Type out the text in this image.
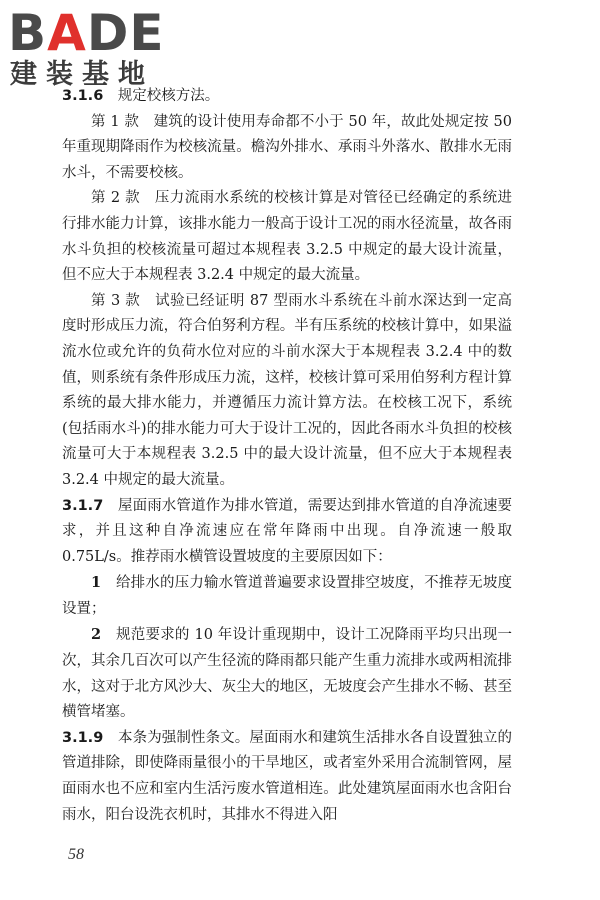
BADE
建装基地

3.1.6　 规定校核方法。

第 1 款　建筑的设计使用寿命都不小于 50 年，故此处规定按 50 年重现期降雨作为校核流量。檐沟外排水、承雨斗外落水、散排水无雨水斗，不需要校核。

第 2 款　压力流雨水系统的校核计算是对管径已经确定的系统进行排水能力计算，该排水能力一般高于设计工况的雨水径流量，故各雨水斗负担的校核流量可超过本规程表 3.2.5 中规定的最大设计流量，但不应大于本规程表 3.2.4 中规定的最大流量。

第 3 款　试验已经证明 87 型雨水斗系统在斗前水深达到一定高度时形成压力流，符合伯努利方程。半有压系统的校核计算中，如果溢流水位或允许的负荷水位对应的斗前水深大于本规程表 3.2.4 中的数值，则系统有条件形成压力流，这样，校核计算可采用伯努利方程计算系统的最大排水能力，并遵循压力流计算方法。在校核工况下，系统(包括雨水斗)的排水能力可大于设计工况的，因此各雨水斗负担的校核流量可大于本规程表 3.2.5 中的最大设计流量，但不应大于本规程表 3.2.4 中规定的最大流量。

3.1.7　 屋面雨水管道作为排水管道，需要达到排水管道的自净流速要求，并且这种自净流速应在常年降雨中出现。自净流速一般取 0.75L/s。推荐雨水横管设置坡度的主要原因如下：

1　 给排水的压力输水管道普遍要求设置排空坡度，不推荐无坡度设置；

2　 规范要求的 10 年设计重现期中，设计工况降雨平均只出现一次，其余几百次可以产生径流的降雨都只能产生重力流排水或两相流排水，这对于北方风沙大、灰尘大的地区，无坡度会产生排水不畅、甚至横管堵塞。

3.1.9　 本条为强制性条文。屋面雨水和建筑生活排水各自设置独立的管道排除，即使降雨量很小的干旱地区，或者室外采用合流制管网，屋面雨水也不应和室内生活污废水管道相连。此处建筑屋面雨水也含阳台雨水，阳台设洗衣机时，其排水不得进入阳

58
